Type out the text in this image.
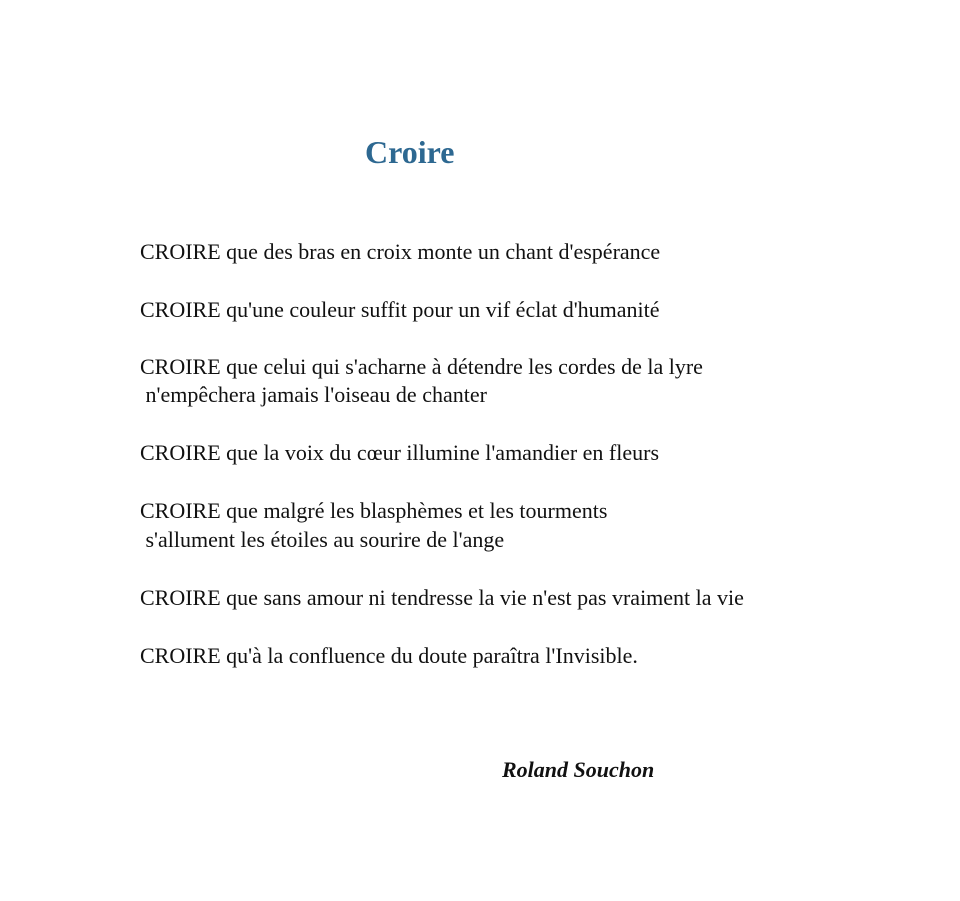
Croire
CROIRE que des bras en croix monte un chant d'espérance
CROIRE qu'une couleur suffit pour un vif éclat d'humanité
CROIRE que celui qui s'acharne à détendre les cordes de la lyre
n'empêchera jamais l'oiseau de chanter
CROIRE que la voix du cœur illumine l'amandier en fleurs
CROIRE que malgré les blasphèmes et les tourments
s'allument les étoiles au sourire de l'ange
CROIRE que sans amour ni tendresse la vie n'est pas vraiment la vie
CROIRE qu'à la confluence du doute paraîtra l'Invisible.
Roland Souchon
